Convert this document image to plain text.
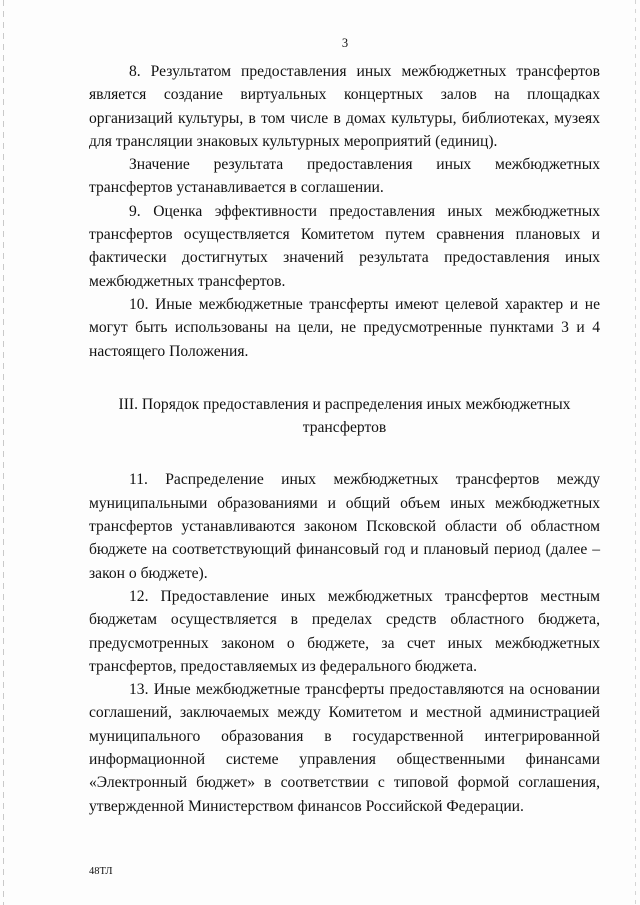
3

8. Результатом предоставления иных межбюджетных трансфертов является создание виртуальных концертных залов на площадках организаций культуры, в том числе в домах культуры, библиотеках, музеях для трансляции знаковых культурных мероприятий (единиц).

Значение результата предоставления иных межбюджетных трансфертов устанавливается в соглашении.

9. Оценка эффективности предоставления иных межбюджетных трансфертов осуществляется Комитетом путем сравнения плановых и фактически достигнутых значений результата предоставления иных межбюджетных трансфертов.

10. Иные межбюджетные трансферты имеют целевой характер и не могут быть использованы на цели, не предусмотренные пунктами 3 и 4 настоящего Положения.

III. Порядок предоставления и распределения иных межбюджетных
трансфертов

11. Распределение иных межбюджетных трансфертов между муниципальными образованиями и общий объем иных межбюджетных трансфертов устанавливаются законом Псковской области об областном бюджете на соответствующий финансовый год и плановый период (далее – закон о бюджете).

12. Предоставление иных межбюджетных трансфертов местным бюджетам осуществляется в пределах средств областного бюджета, предусмотренных законом о бюджете, за счет иных межбюджетных трансфертов, предоставляемых из федерального бюджета.

13. Иные межбюджетные трансферты предоставляются на основании соглашений, заключаемых между Комитетом и местной администрацией муниципального образования в государственной интегрированной информационной системе управления общественными финансами «Электронный бюджет» в соответствии с типовой формой соглашения, утвержденной Министерством финансов Российской Федерации.

48ТЛ
